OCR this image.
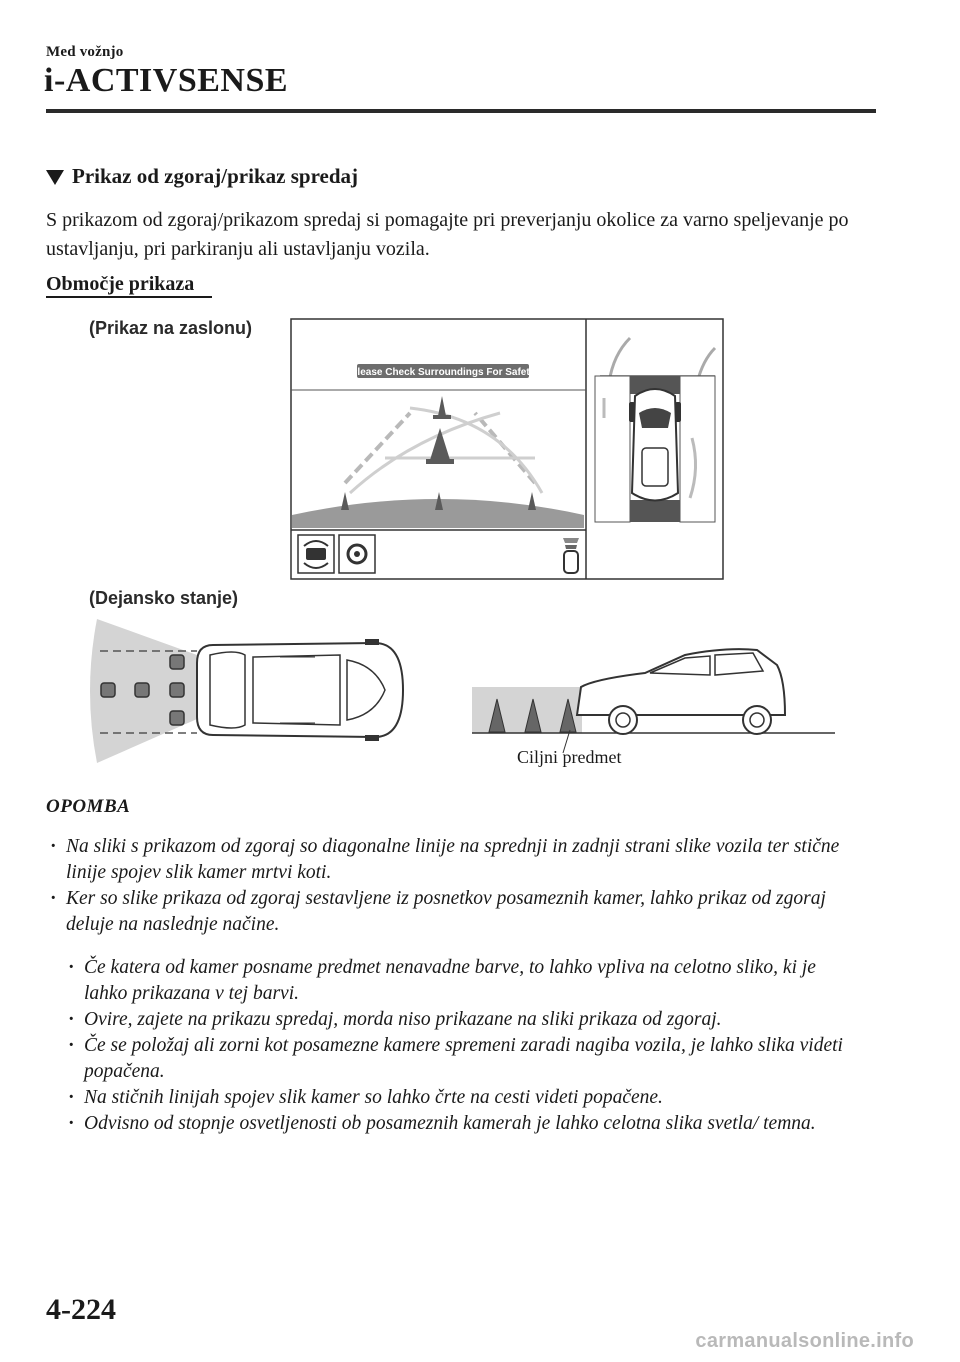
Med vožnjo
i-ACTIVSENSE
Prikaz od zgoraj/prikaz spredaj
S prikazom od zgoraj/prikazom spredaj si pomagajte pri preverjanju okolice za varno speljevanje po ustavljanju, pri parkiranju ali ustavljanju vozila.
Območje prikaza
(Prikaz na zaslonu)
Please Check Surroundings For Safety
(Dejansko stanje)
Ciljni predmet
OPOMBA
· Na sliki s prikazom od zgoraj so diagonalne linije na sprednji in zadnji strani slike vozila ter stične linije spojev slik kamer mrtvi koti.
· Ker so slike prikaza od zgoraj sestavljene iz posnetkov posameznih kamer, lahko prikaz od zgoraj deluje na naslednje načine.
· Če katera od kamer posname predmet nenavadne barve, to lahko vpliva na celotno sliko, ki je lahko prikazana v tej barvi.
· Ovire, zajete na prikazu spredaj, morda niso prikazane na sliki prikaza od zgoraj.
· Če se položaj ali zorni kot posamezne kamere spremeni zaradi nagiba vozila, je lahko slika videti popačena.
· Na stičnih linijah spojev slik kamer so lahko črte na cesti videti popačene.
· Odvisno od stopnje osvetljenosti ob posameznih kamerah je lahko celotna slika svetla/ temna.
4-224
carmanualsonline.info
